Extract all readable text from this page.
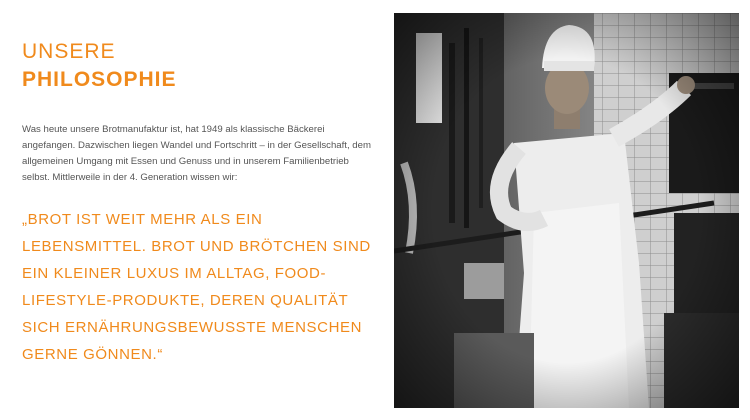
UNSERE
PHILOSOPHIE

Was heute unsere Brotmanufaktur ist, hat 1949 als klassische Bäckerei angefangen. Dazwischen liegen Wandel und Fortschritt – in der Gesellschaft, dem allgemeinen Umgang mit Essen und Genuss und in unserem Familienbetrieb selbst. Mittlerweile in der 4. Generation wissen wir:

„BROT IST WEIT MEHR ALS EIN LEBENSMITTEL. BROT UND BRÖTCHEN SIND EIN KLEINER LUXUS IM ALLTAG, FOOD-LIFESTYLE-PRODUKTE, DEREN QUALITÄT SICH ERNÄHRUNGSBEWUSSTE MENSCHEN GERNE GÖNNEN.“
